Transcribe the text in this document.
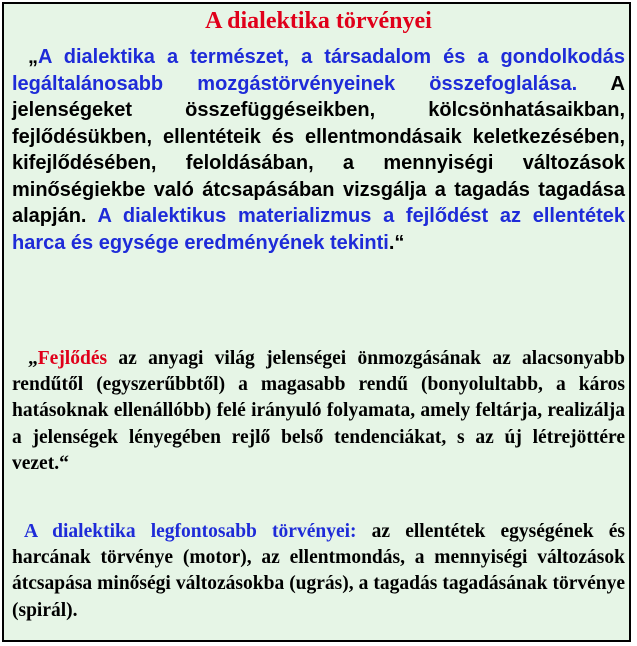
A dialektika törvényei

„A dialektika a természet, a társadalom és a gondolkodás legáltalánosabb mozgástörvényeinek összefoglalása. A jelenségeket összefüggéseikben, kölcsönhatásaikban, fejlődésükben, ellentéteik és ellentmondásaik keletkezésében, kifejlődésében, feloldásában, a mennyiségi változások minőségiekbe való átcsapásában vizsgálja a tagadás tagadása alapján. A dialektikus materializmus a fejlődést az ellentétek harca és egysége eredményének tekinti.“

„Fejlődés az anyagi világ jelenségei önmozgásának az alacsonyabb rendűtől (egyszerűbbtől) a magasabb rendű (bonyolultabb, a káros hatásoknak ellenállóbb) felé irányuló folyamata, amely feltárja, realizálja a jelenségek lényegében rejlő belső tendenciákat, s az új létrejöttére vezet.“

A dialektika legfontosabb törvényei: az ellentétek egységének és harcának törvénye (motor), az ellentmondás, a mennyiségi változások átcsapása minőségi változásokba (ugrás), a tagadás tagadásának törvénye (spirál).
